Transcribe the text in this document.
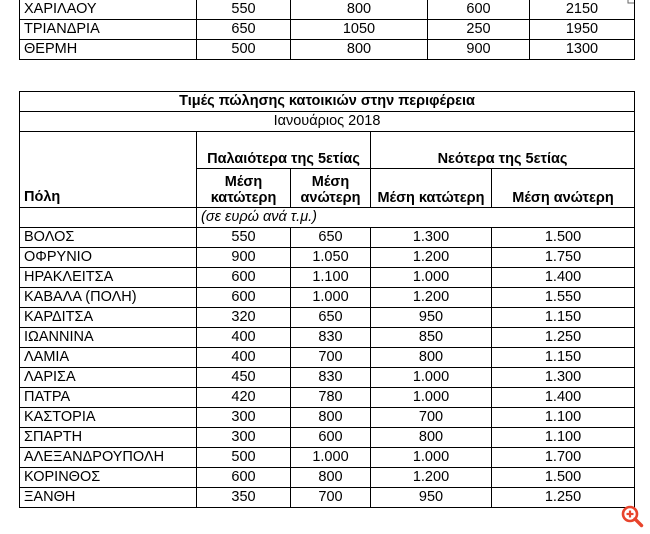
ΧΑΡΙΛΑΟΥ	550	800	600	2150
ΤΡΙΑΝΔΡΙΑ	650	1050	250	1950
ΘΕΡΜΗ	500	800	900	1300
Τιμές πώλησης κατοικιών στην περιφέρεια				
Ιανουάριος 2018				
	Παλαιότερα της 5ετίας		Νεότερα της 5ετίας	
Πόλη	Μέση κατώτερη	Μέση ανώτερη	Μέση κατώτερη	Μέση ανώτερη
	(σε ευρώ ανά τ.μ.)			
ΒΟΛΟΣ	550	650	1.300	1.500
ΟΦΡΥΝΙΟ	900	1.050	1.200	1.750
ΗΡΑΚΛΕΙΤΣΑ	600	1.100	1.000	1.400
ΚΑΒΑΛΑ (ΠΟΛΗ)	600	1.000	1.200	1.550
ΚΑΡΔΙΤΣΑ	320	650	950	1.150
ΙΩΑΝΝΙΝΑ	400	830	850	1.250
ΛΑΜΙΑ	400	700	800	1.150
ΛΑΡΙΣΑ	450	830	1.000	1.300
ΠΑΤΡΑ	420	780	1.000	1.400
ΚΑΣΤΟΡΙΑ	300	800	700	1.100
ΣΠΑΡΤΗ	300	600	800	1.100
ΑΛΕΞΑΝΔΡΟΥΠΟΛΗ	500	1.000	1.000	1.700
ΚΟΡΙΝΘΟΣ	600	800	1.200	1.500
ΞΑΝΘΗ	350	700	950	1.250
